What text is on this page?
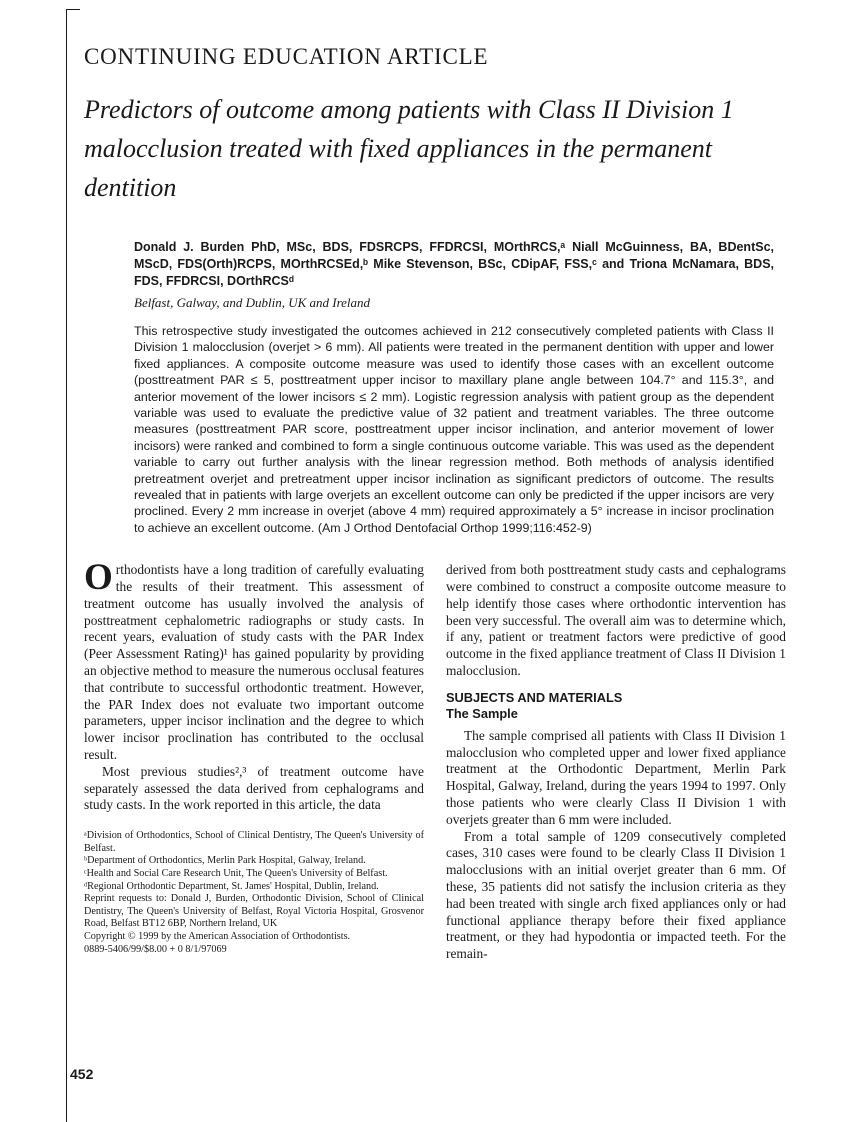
CONTINUING EDUCATION ARTICLE
Predictors of outcome among patients with Class II Division 1 malocclusion treated with fixed appliances in the permanent dentition
Donald J. Burden PhD, MSc, BDS, FDSRCPS, FFDRCSI, MOrthRCS,ᵃ Niall McGuinness, BA, BDentSc, MScD, FDS(Orth)RCPS, MOrthRCSEd,ᵇ Mike Stevenson, BSc, CDipAF, FSS,ᶜ and Triona McNamara, BDS, FDS, FFDRCSI, DOrthRCSᵈ
Belfast, Galway, and Dublin, UK and Ireland
This retrospective study investigated the outcomes achieved in 212 consecutively completed patients with Class II Division 1 malocclusion (overjet > 6 mm). All patients were treated in the permanent dentition with upper and lower fixed appliances. A composite outcome measure was used to identify those cases with an excellent outcome (posttreatment PAR ≤ 5, posttreatment upper incisor to maxillary plane angle between 104.7° and 115.3°, and anterior movement of the lower incisors ≤ 2 mm). Logistic regression analysis with patient group as the dependent variable was used to evaluate the predictive value of 32 patient and treatment variables. The three outcome measures (posttreatment PAR score, posttreatment upper incisor inclination, and anterior movement of lower incisors) were ranked and combined to form a single continuous outcome variable. This was used as the dependent variable to carry out further analysis with the linear regression method. Both methods of analysis identified pretreatment overjet and pretreatment upper incisor inclination as significant predictors of outcome. The results revealed that in patients with large overjets an excellent outcome can only be predicted if the upper incisors are very proclined. Every 2 mm increase in overjet (above 4 mm) required approximately a 5° increase in incisor proclination to achieve an excellent outcome. (Am J Orthod Dentofacial Orthop 1999;116:452-9)

Orthodontists have a long tradition of carefully evaluating the results of their treatment. This assessment of treatment outcome has usually involved the analysis of posttreatment cephalometric radiographs or study casts. In recent years, evaluation of study casts with the PAR Index (Peer Assessment Rating)¹ has gained popularity by providing an objective method to measure the numerous occlusal features that contribute to successful orthodontic treatment. However, the PAR Index does not evaluate two important outcome parameters, upper incisor inclination and the degree to which lower incisor proclination has contributed to the occlusal result.

Most previous studies²,³ of treatment outcome have separately assessed the data derived from cephalograms and study casts. In the work reported in this article, the data

ᵃDivision of Orthodontics, School of Clinical Dentistry, The Queen's University of Belfast.
ᵇDepartment of Orthodontics, Merlin Park Hospital, Galway, Ireland.
ᶜHealth and Social Care Research Unit, The Queen's University of Belfast.
ᵈRegional Orthodontic Department, St. James' Hospital, Dublin, Ireland.
Reprint requests to: Donald J, Burden, Orthodontic Division, School of Clinical Dentistry, The Queen's University of Belfast, Royal Victoria Hospital, Grosvenor Road, Belfast BT12 6BP, Northern Ireland, UK
Copyright © 1999 by the American Association of Orthodontists.
0889-5406/99/$8.00 + 0 8/1/97069

derived from both posttreatment study casts and cephalograms were combined to construct a composite outcome measure to help identify those cases where orthodontic intervention has been very successful. The overall aim was to determine which, if any, patient or treatment factors were predictive of good outcome in the fixed appliance treatment of Class II Division 1 malocclusion.

SUBJECTS AND MATERIALS
The Sample

The sample comprised all patients with Class II Division 1 malocclusion who completed upper and lower fixed appliance treatment at the Orthodontic Department, Merlin Park Hospital, Galway, Ireland, during the years 1994 to 1997. Only those patients who were clearly Class II Division 1 with overjets greater than 6 mm were included.

From a total sample of 1209 consecutively completed cases, 310 cases were found to be clearly Class II Division 1 malocclusions with an initial overjet greater than 6 mm. Of these, 35 patients did not satisfy the inclusion criteria as they had been treated with single arch fixed appliances only or had functional appliance therapy before their fixed appliance treatment, or they had hypodontia or impacted teeth. For the remain-

452
